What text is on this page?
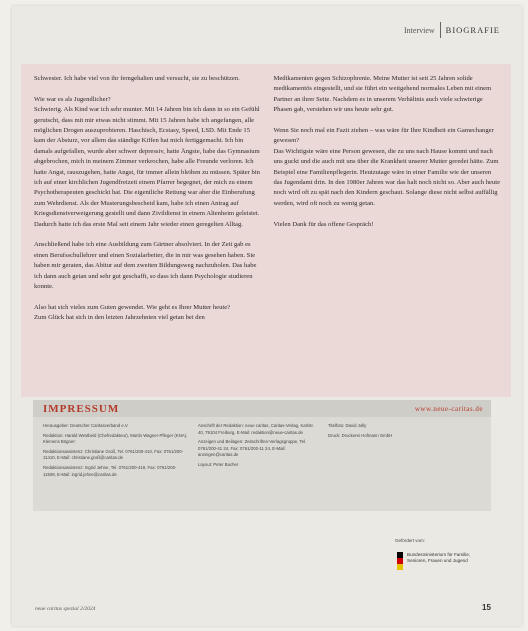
Interview BIOGRAFIE

Schwester. Ich habe viel von ihr ferngehalten und versucht, sie zu beschützen.

Wie war es als Jugendlicher?

Schwierig. Als Kind war ich sehr munter. Mit 14 Jahren bin ich dann in so ein Gefühl gerutscht, dass mit mir etwas nicht stimmt. Mit 15 Jahren habe ich angefangen, alle möglichen Drogen auszuprobieren. Haschisch, Ecstasy, Speed, LSD. Mit Ende 15 kam der Absturz, vor allem das ständige Kiffen hat mich fertiggemacht. Ich bin damals aufgefallen, wurde aber schwer depressiv, hatte Ängste, habe das Gymnasium abgebrochen, mich in meinem Zimmer verkrochen, habe alle Freunde verloren. Ich hatte Angst, rauszugehen, hatte Angst, für immer allein bleiben zu müssen. Später bin ich auf einer kirchlichen Jugendfreizeit einem Pfarrer begegnet, der mich zu einem Psychotherapeuten geschickt hat. Die eigentliche Rettung war aber die Einberufung zum Wehrdienst. Als der Musterungsbescheid kam, habe ich einen Antrag auf Kriegsdienstverweigerung gestellt und dann Zivildienst in einem Altenheim geleistet. Dadurch hatte ich das erste Mal seit einem Jahr wieder einen geregelten Alltag.

Anschließend habe ich eine Ausbildung zum Gärtner absolviert. In der Zeit gab es einen Berufsschullehrer und einen Sozialarbeiter, die in mir was gesehen haben. Sie haben mir geraten, das Abitur auf dem zweiten Bildungsweg nachzuholen. Das habe ich dann auch getan und sehr gut geschafft, so dass ich dann Psychologie studieren konnte.

Also hat sich vieles zum Guten gewendet. Wie geht es Ihrer Mutter heute?

Zum Glück hat sich in den letzten Jahrzehnten viel getan bei den

Medikamenten gegen Schizophrenie. Meine Mutter ist seit 25 Jahren solide medikamentös eingestellt, und sie führt ein weitgehend normales Leben mit einem Partner an ihrer Seite. Nachdem es in unserem Verhältnis auch viele schwierige Phasen gab, verstehen wir uns heute sehr gut.

Wenn Sie noch mal ein Fazit ziehen – was wäre für Ihre Kindheit ein Gamechanger gewesen?

Das Wichtigste wäre eine Person gewesen, die zu uns nach Hause kommt und nach uns guckt und die auch mit uns über die Krankheit unserer Mutter geredet hätte. Zum Beispiel eine Familienpflegerin. Heutzutage wäre in einer Familie wie der unseren das Jugendamt drin. In den 1980er Jahren war das halt noch nicht so. Aber auch heute noch wird oft zu spät nach den Kindern geschaut. Solange diese nicht selbst auffällig werden, wird oft noch zu wenig getan.

Vielen Dank für das offene Gespräch!

IMPRESSUM	www.neue-caritas.de

Herausgeber: Deutscher Caritasverband e.V.

Redaktion: Harald Westbeld (Chefredakteur), Martin Wagner-Pfleger (KNA), Klemens Bögner:

Redaktionsassistenz: Christiane Groß, Tel. 0761/200-410, Fax: 0761/200-11410, E-Mail: christiane.groß@caritas.de

Redaktionsassistenz: Ingrid Jehne, Tel. 0761/200-419, Fax: 0761/200-11509, E-Mail: ingrid.jehne@caritas.de

Anschrift der Redaktion: neue caritas, Caritas-Verlag, Karlstr. 40, 79104 Freiburg, E-Mail: redaktion@neue-caritas.de

Anzeigen und Beilagen: Zeitschriften-Verlagsgruppe, Tel. 0761/200-41 24, Fax: 0761/200-11 24, E-Mail: anzeigen@caritas.de

Layout: Peter Bucher

Titelfoto: David Jolly

Druck: Druckerei Hofmann GmbH

Gefördert vom:
Bundesministerium für Familie, Senioren, Frauen und Jugend
neue caritas spezial 2/2024	15
